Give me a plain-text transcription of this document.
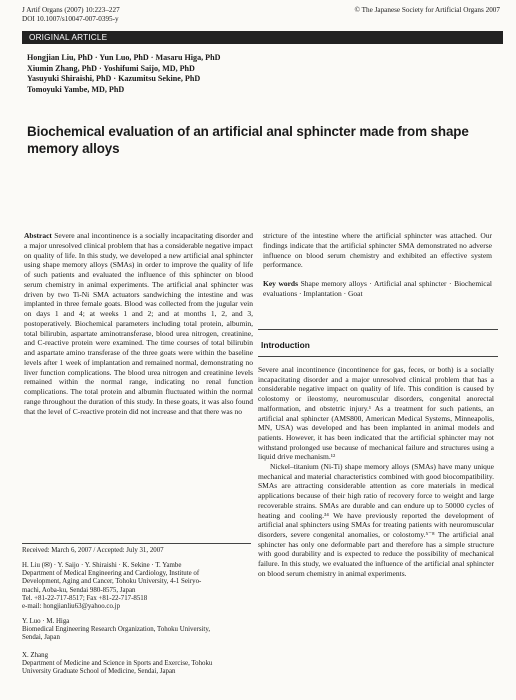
J Artif Organs (2007) 10:223–227
DOI 10.1007/s10047-007-0395-y
© The Japanese Society for Artificial Organs 2007
ORIGINAL ARTICLE
Hongjian Liu, PhD · Yun Luo, PhD · Masaru Higa, PhD
Xiumin Zhang, PhD · Yoshifumi Saijo, MD, PhD
Yasuyuki Shiraishi, PhD · Kazumitsu Sekine, PhD
Tomoyuki Yambe, MD, PhD
Biochemical evaluation of an artificial anal sphincter made from shape memory alloys

Abstract Severe anal incontinence is a socially incapacitating disorder and a major unresolved clinical problem that has a considerable negative impact on quality of life. In this study, we developed a new artificial anal sphincter using shape memory alloys (SMAs) in order to improve the quality of life of such patients and evaluated the influence of this sphincter on blood serum chemistry in animal experiments. The artificial anal sphincter was driven by two Ti-Ni SMA actuators sandwiching the intestine and was implanted in three female goats. Blood was collected from the jugular vein on days 1 and 4; at weeks 1 and 2; and at months 1, 2, and 3, postoperatively. Biochemical parameters including total protein, albumin, total bilirubin, aspartate aminotransferase, blood urea nitrogen, creatinine, and C-reactive protein were examined. The time courses of total bilirubin and aspartate amino transferase of the three goats were within the baseline levels after 1 week of implantation and remained normal, demonstrating no liver function complications. The blood urea nitrogen and creatinine levels remained within the normal range, indicating no renal function complications. The total protein and albumin fluctuated within the normal range throughout the duration of this study. In these goats, it was also found that the level of C-reactive protein did not increase and that there was no

stricture of the intestine where the artificial sphincter was attached. Our findings indicate that the artificial sphincter SMA demonstrated no adverse influence on blood serum chemistry and exhibited an effective system performance.

Key words Shape memory alloys · Artificial anal sphincter · Biochemical evaluations · Implantation · Goat

Introduction

Severe anal incontinence (incontinence for gas, feces, or both) is a socially incapacitating disorder and a major unresolved clinical problem that has a considerable negative impact on quality of life. This condition is caused by colostomy or ileostomy, neuromuscular disorders, congenital anorectal malformation, and obstetric injury.¹ As a treatment for such patients, an artificial anal sphincter (AMS800, American Medical Systems, Minneapolis, MN, USA) was developed and has been implanted in animal models and patients. However, it has been indicated that the artificial sphincter may not withstand prolonged use because of mechanical failure and structures using a liquid drive mechanism.¹²

Nickel–titanium (Ni-Ti) shape memory alloys (SMAs) have many unique mechanical and material characteristics combined with good biocompatibility. SMAs are attracting considerable attention as core materials in medical applications because of their high ratio of recovery force to weight and large recoverable strains. SMAs are durable and can endure up to 50000 cycles of heating and cooling.³⁴ We have previously reported the development of artificial anal sphincters using SMAs for treating patients with neuromuscular disorders, severe congenital anomalies, or colostomy.⁵⁻⁸ The artificial anal sphincter has only one deformable part and therefore has a simple structure with good durability and is expected to reduce the possibility of mechanical failure. In this study, we evaluated the influence of the artificial anal sphincter on blood serum chemistry in animal experiments.

Received: March 6, 2007 / Accepted: July 31, 2007
H. Liu (✉) · Y. Saijo · Y. Shiraishi · K. Sekine · T. Yambe
Department of Medical Engineering and Cardiology, Institute of
Development, Aging and Cancer, Tohoku University, 4-1 Seiryo-
machi, Aoba-ku, Sendai 980-8575, Japan
Tel. +81-22-717-8517; Fax +81-22-717-8518
e-mail: hongjianliu63@yahoo.co.jp
Y. Luo · M. Higa
Biomedical Engineering Research Organization, Tohoku University,
Sendai, Japan
X. Zhang
Department of Medicine and Science in Sports and Exercise, Tohoku
University Graduate School of Medicine, Sendai, Japan
